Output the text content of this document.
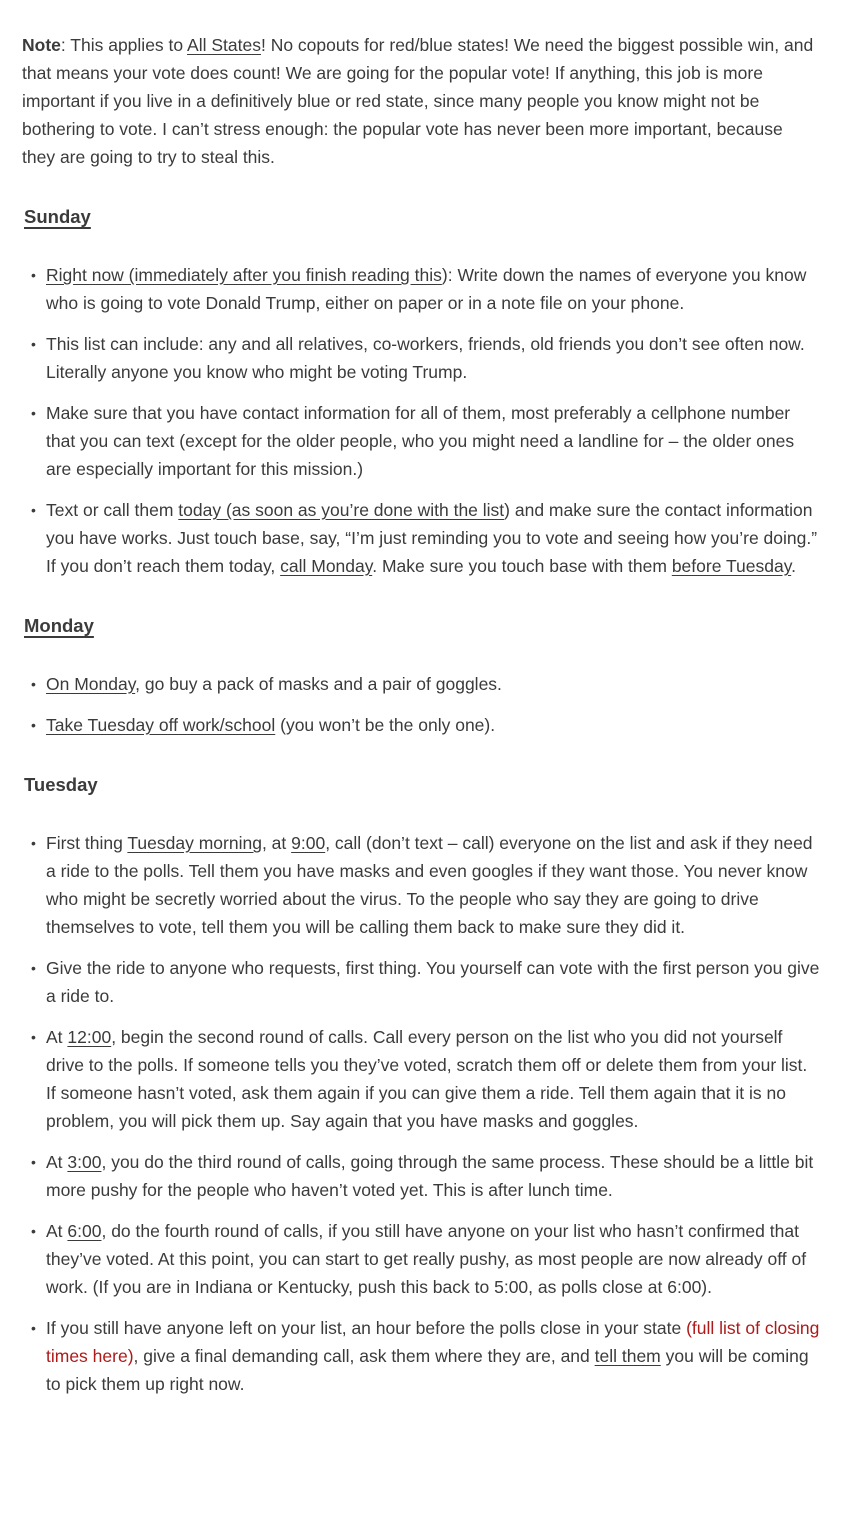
Note: This applies to All States! No copouts for red/blue states! We need the biggest possible win, and that means your vote does count! We are going for the popular vote! If anything, this job is more important if you live in a definitively blue or red state, since many people you know might not be bothering to vote. I can’t stress enough: the popular vote has never been more important, because they are going to try to steal this.

Sunday
• Right now (immediately after you finish reading this): Write down the names of everyone you know who is going to vote Donald Trump, either on paper or in a note file on your phone.
• This list can include: any and all relatives, co-workers, friends, old friends you don’t see often now. Literally anyone you know who might be voting Trump.
• Make sure that you have contact information for all of them, most preferably a cellphone number that you can text (except for the older people, who you might need a landline for – the older ones are especially important for this mission.)
• Text or call them today (as soon as you’re done with the list) and make sure the contact information you have works. Just touch base, say, “I’m just reminding you to vote and seeing how you’re doing.” If you don’t reach them today, call Monday. Make sure you touch base with them before Tuesday.
Monday
• On Monday, go buy a pack of masks and a pair of goggles.
• Take Tuesday off work/school (you won’t be the only one).
Tuesday
• First thing Tuesday morning, at 9:00, call (don’t text – call) everyone on the list and ask if they need a ride to the polls. Tell them you have masks and even googles if they want those. You never know who might be secretly worried about the virus. To the people who say they are going to drive themselves to vote, tell them you will be calling them back to make sure they did it.
• Give the ride to anyone who requests, first thing. You yourself can vote with the first person you give a ride to.
• At 12:00, begin the second round of calls. Call every person on the list who you did not yourself drive to the polls. If someone tells you they’ve voted, scratch them off or delete them from your list. If someone hasn’t voted, ask them again if you can give them a ride. Tell them again that it is no problem, you will pick them up. Say again that you have masks and goggles.
• At 3:00, you do the third round of calls, going through the same process. These should be a little bit more pushy for the people who haven’t voted yet. This is after lunch time.
• At 6:00, do the fourth round of calls, if you still have anyone on your list who hasn’t confirmed that they’ve voted. At this point, you can start to get really pushy, as most people are now already off of work. (If you are in Indiana or Kentucky, push this back to 5:00, as polls close at 6:00).
• If you still have anyone left on your list, an hour before the polls close in your state (full list of closing times here), give a final demanding call, ask them where they are, and tell them you will be coming to pick them up right now.
